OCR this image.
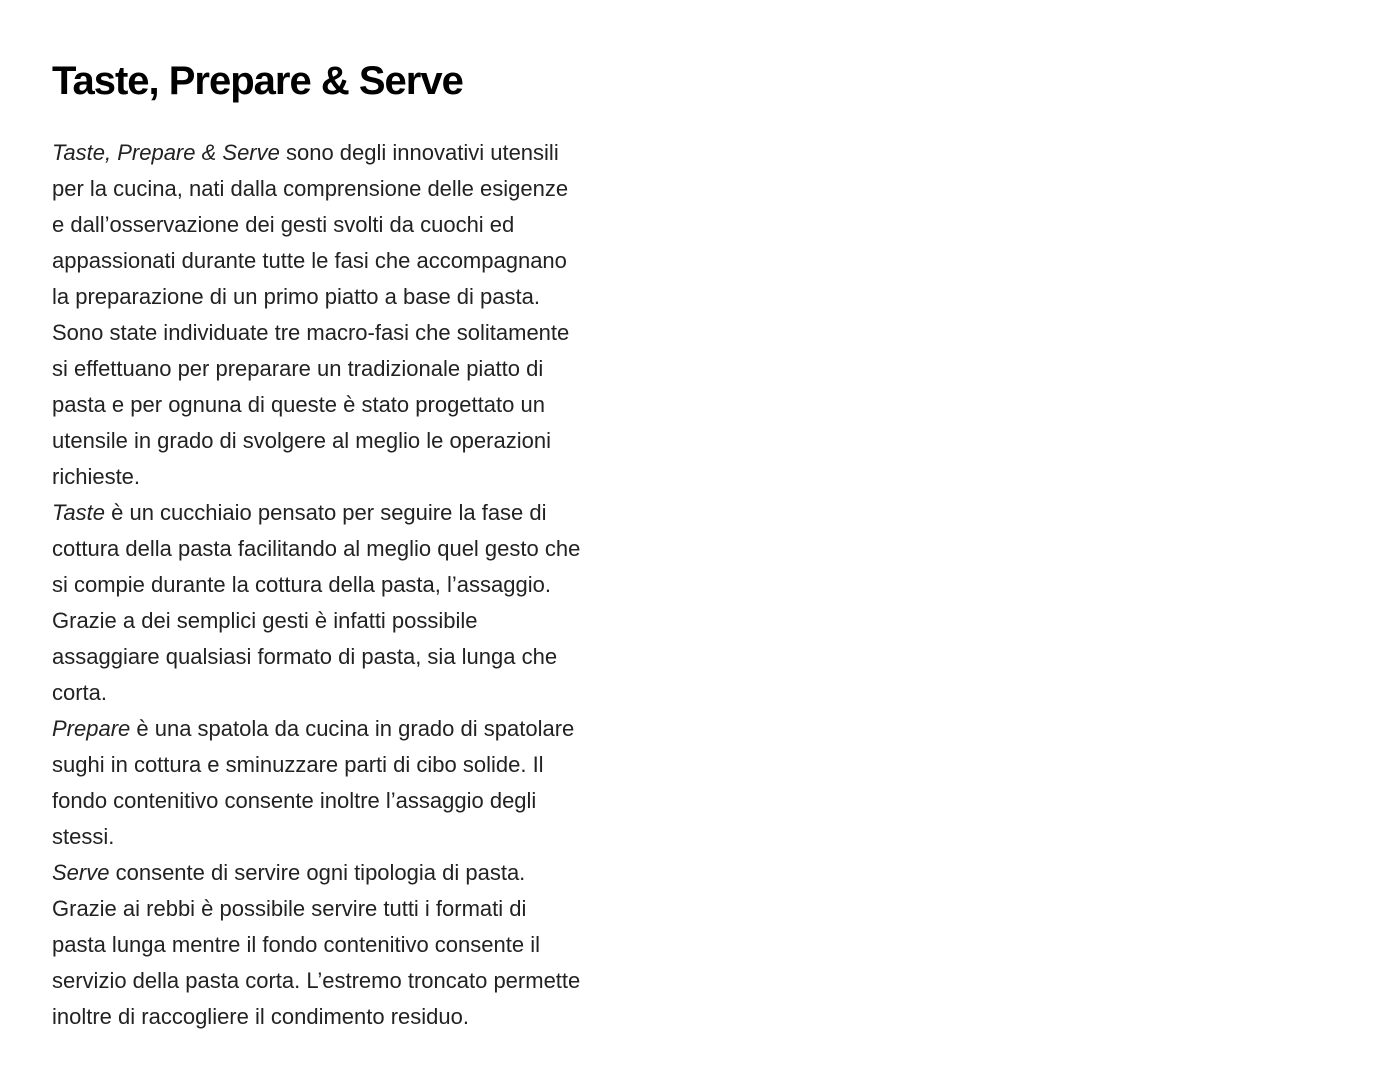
Taste, Prepare & Serve
Taste, Prepare & Serve sono degli innovativi utensili
per la cucina, nati dalla comprensione delle esigenze
e dall’osservazione dei gesti svolti da cuochi ed
appassionati durante tutte le fasi che accompagnano
la preparazione di un primo piatto a base di pasta.
Sono state individuate tre macro-fasi che solitamente
si effettuano per preparare un tradizionale piatto di
pasta e per ognuna di queste è stato progettato un
utensile in grado di svolgere al meglio le operazioni
richieste.
Taste è un cucchiaio pensato per seguire la fase di
cottura della pasta facilitando al meglio quel gesto che
si compie durante la cottura della pasta, l’assaggio.
Grazie a dei semplici gesti è infatti possibile
assaggiare qualsiasi formato di pasta, sia lunga che
corta.
Prepare è una spatola da cucina in grado di spatolare
sughi in cottura e sminuzzare parti di cibo solide. Il
fondo contenitivo consente inoltre l’assaggio degli
stessi.
Serve consente di servire ogni tipologia di pasta.
Grazie ai rebbi è possibile servire tutti i formati di
pasta lunga mentre il fondo contenitivo consente il
servizio della pasta corta. L’estremo troncato permette
inoltre di raccogliere il condimento residuo.
